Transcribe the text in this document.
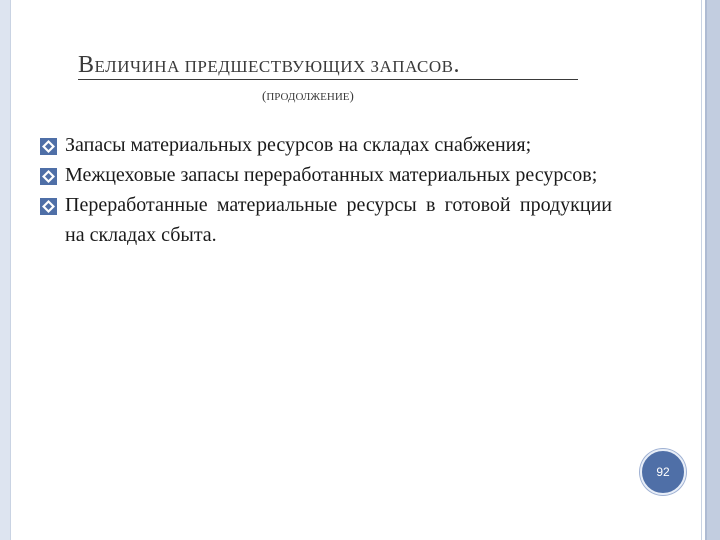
ВЕЛИЧИНА ПРЕДШЕСТВУЮЩИХ ЗАПАСОВ.
(ПРОДОЛЖЕНИЕ)
Запасы материальных ресурсов на складах снабжения;
Межцеховые запасы переработанных материальных ресурсов;
Переработанные материальные ресурсы в готовой продукции на складах сбыта.
92
